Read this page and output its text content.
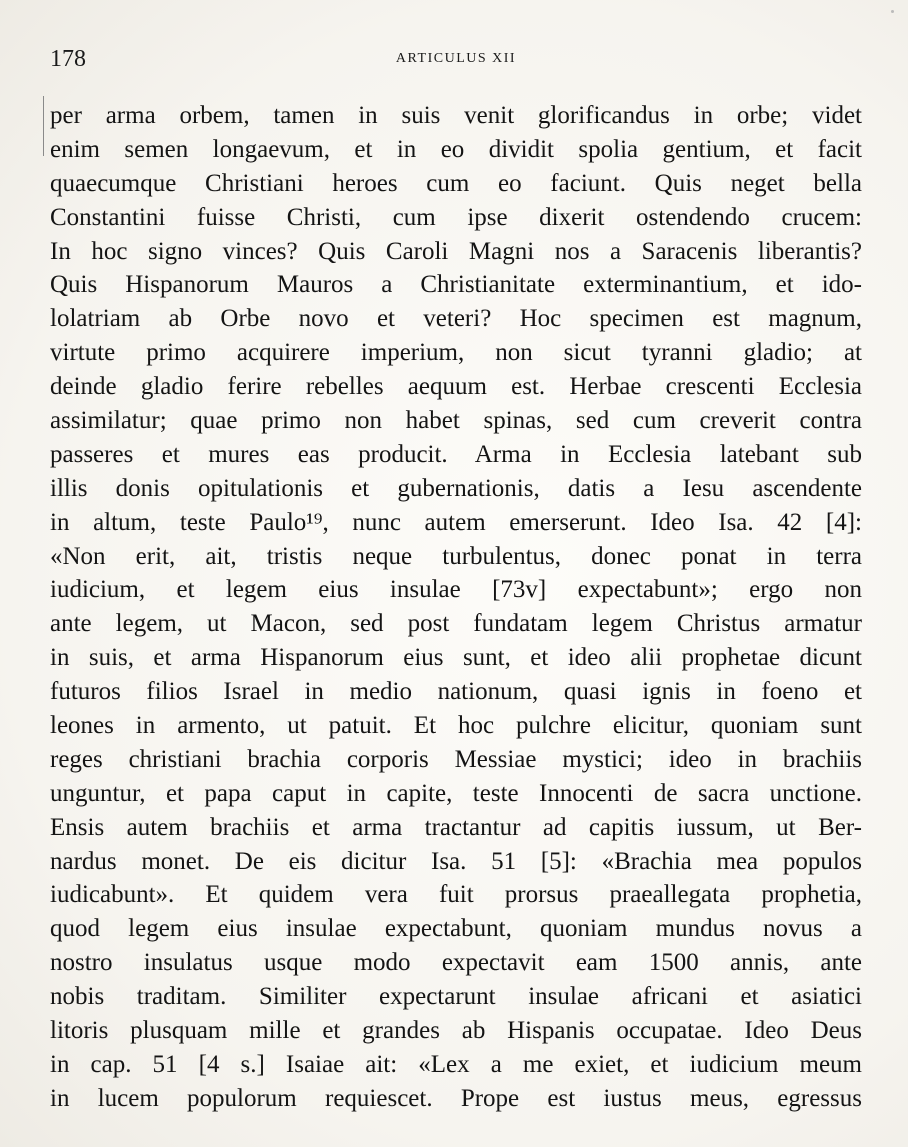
178	ARTICULUS XII
per arma orbem, tamen in suis venit glorificandus in orbe; videt
enim semen longaevum, et in eo dividit spolia gentium, et facit
quaecumque Christiani heroes cum eo faciunt. Quis neget bella
Constantini fuisse Christi, cum ipse dixerit ostendendo crucem:
In hoc signo vinces? Quis Caroli Magni nos a Saracenis liberantis?
Quis Hispanorum Mauros a Christianitate exterminantium, et ido-
lolatriam ab Orbe novo et veteri? Hoc specimen est magnum,
virtute primo acquirere imperium, non sicut tyranni gladio; at
deinde gladio ferire rebelles aequum est. Herbae crescenti Ecclesia
assimilatur; quae primo non habet spinas, sed cum creverit contra
passeres et mures eas producit. Arma in Ecclesia latebant sub
illis donis opitulationis et gubernationis, datis a Iesu ascendente
in altum, teste Paulo¹⁹, nunc autem emerserunt. Ideo Isa. 42 [4]:
«Non erit, ait, tristis neque turbulentus, donec ponat in terra
iudicium, et legem eius insulae [73v] expectabunt»; ergo non
ante legem, ut Macon, sed post fundatam legem Christus armatur
in suis, et arma Hispanorum eius sunt, et ideo alii prophetae dicunt
futuros filios Israel in medio nationum, quasi ignis in foeno et
leones in armento, ut patuit. Et hoc pulchre elicitur, quoniam sunt
reges christiani brachia corporis Messiae mystici; ideo in brachiis
unguntur, et papa caput in capite, teste Innocenti de sacra unctione.
Ensis autem brachiis et arma tractantur ad capitis iussum, ut Ber-
nardus monet. De eis dicitur Isa. 51 [5]: «Brachia mea populos
iudicabunt». Et quidem vera fuit prorsus praeallegata prophetia,
quod legem eius insulae expectabunt, quoniam mundus novus a
nostro insulatus usque modo expectavit eam 1500 annis, ante
nobis traditam. Similiter expectarunt insulae africani et asiatici
litoris plusquam mille et grandes ab Hispanis occupatae. Ideo Deus
in cap. 51 [4 s.] Isaiae ait: «Lex a me exiet, et iudicium meum
in lucem populorum requiescet. Prope est iustus meus, egressus
